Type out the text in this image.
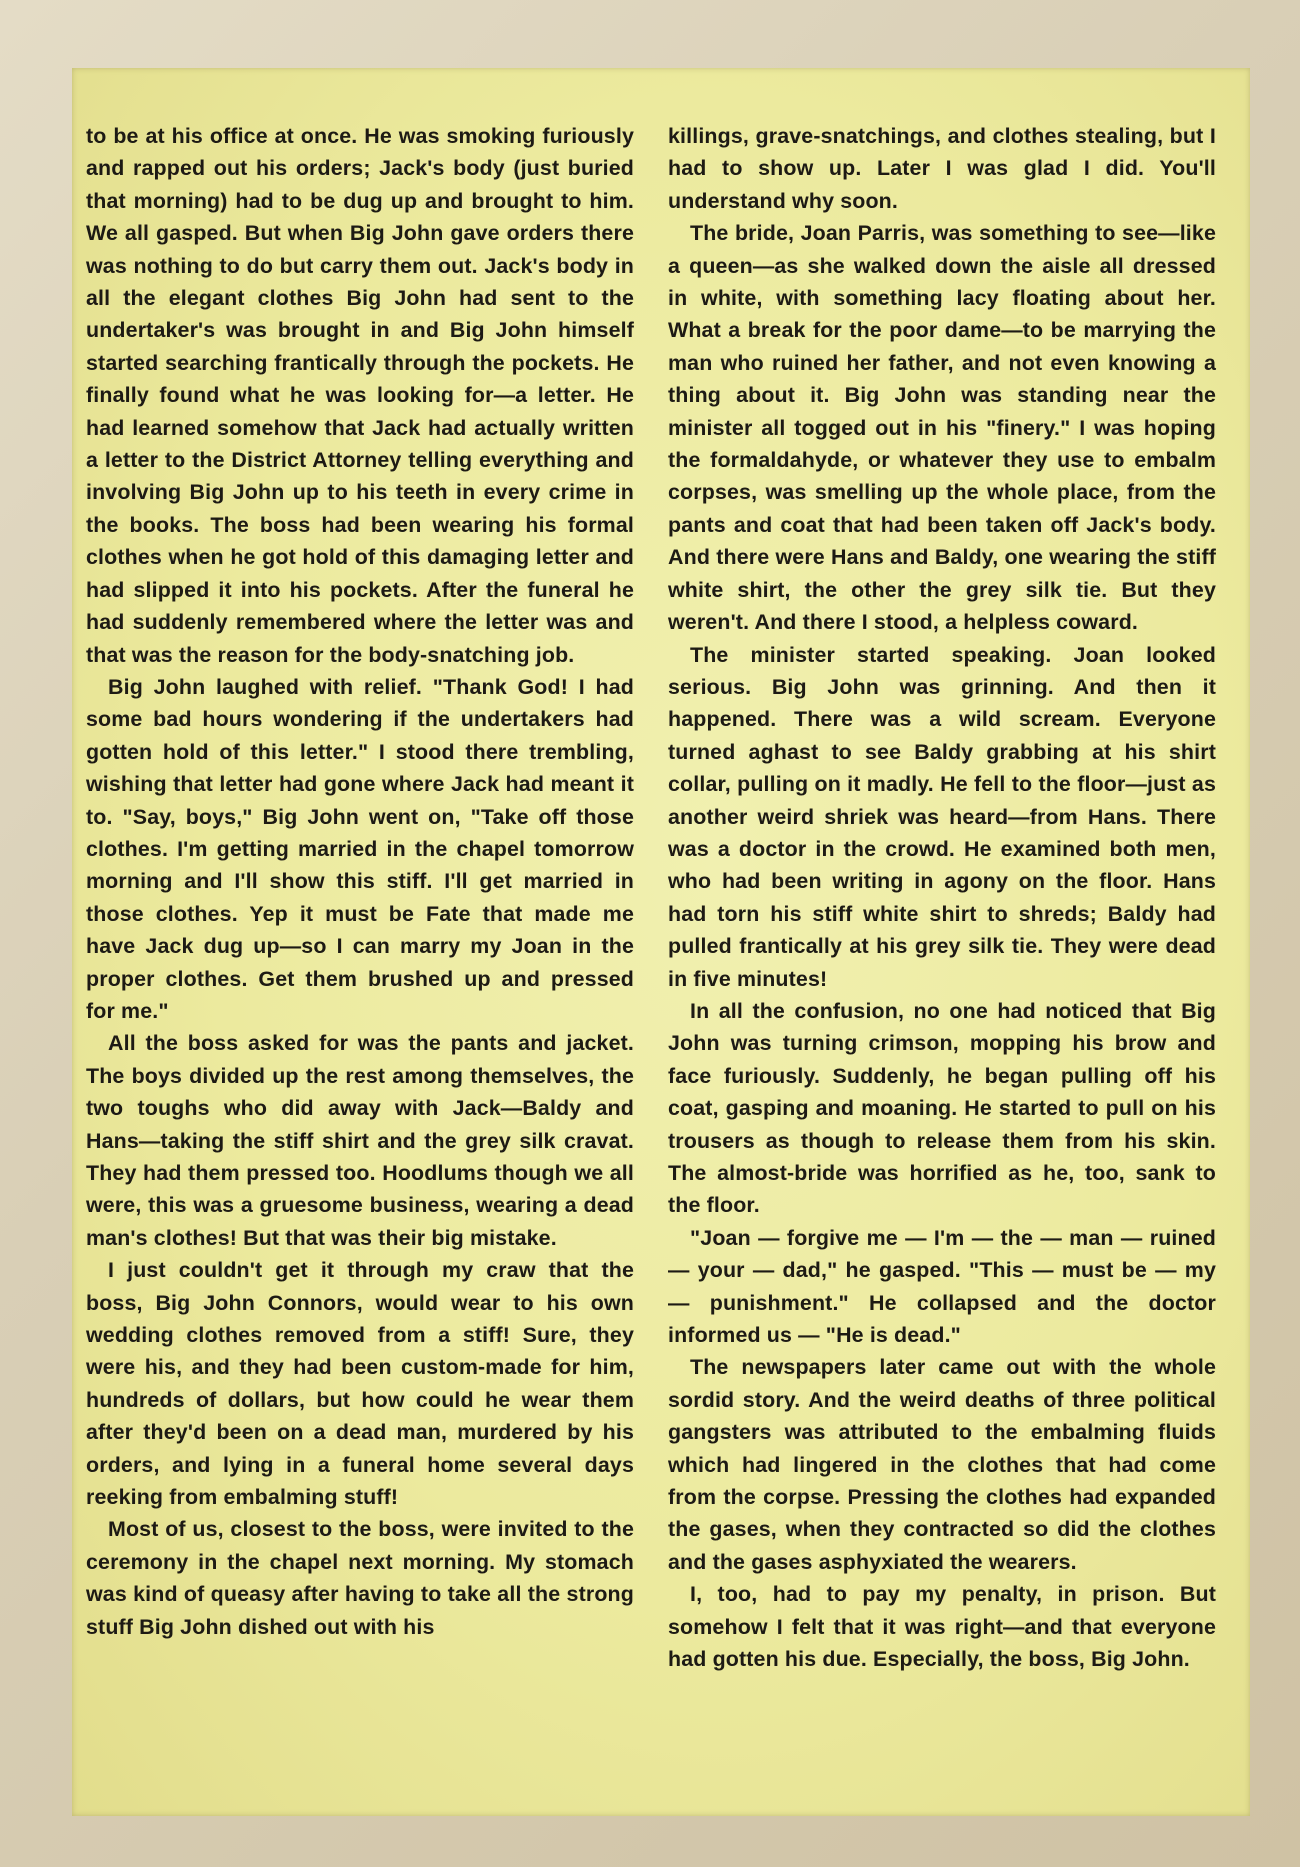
to be at his office at once. He was smoking furiously and rapped out his orders; Jack's body (just buried that morning) had to be dug up and brought to him. We all gasped. But when Big John gave orders there was nothing to do but carry them out. Jack's body in all the elegant clothes Big John had sent to the undertaker's was brought in and Big John himself started searching frantically through the pockets. He finally found what he was looking for—a letter. He had learned somehow that Jack had actually written a letter to the District Attorney telling everything and involving Big John up to his teeth in every crime in the books. The boss had been wearing his formal clothes when he got hold of this damaging letter and had slipped it into his pockets. After the funeral he had suddenly remembered where the letter was and that was the reason for the body-snatching job.

Big John laughed with relief. "Thank God! I had some bad hours wondering if the undertakers had gotten hold of this letter." I stood there trembling, wishing that letter had gone where Jack had meant it to. "Say, boys," Big John went on, "Take off those clothes. I'm getting married in the chapel tomorrow morning and I'll show this stiff. I'll get married in those clothes. Yep it must be Fate that made me have Jack dug up—so I can marry my Joan in the proper clothes. Get them brushed up and pressed for me."

All the boss asked for was the pants and jacket. The boys divided up the rest among themselves, the two toughs who did away with Jack—Baldy and Hans—taking the stiff shirt and the grey silk cravat. They had them pressed too. Hoodlums though we all were, this was a gruesome business, wearing a dead man's clothes! But that was their big mistake.

I just couldn't get it through my craw that the boss, Big John Connors, would wear to his own wedding clothes removed from a stiff! Sure, they were his, and they had been custom-made for him, hundreds of dollars, but how could he wear them after they'd been on a dead man, murdered by his orders, and lying in a funeral home several days reeking from embalming stuff!

Most of us, closest to the boss, were invited to the ceremony in the chapel next morning. My stomach was kind of queasy after having to take all the strong stuff Big John dished out with his

killings, grave-snatchings, and clothes stealing, but I had to show up. Later I was glad I did. You'll understand why soon.

The bride, Joan Parris, was something to see—like a queen—as she walked down the aisle all dressed in white, with something lacy floating about her. What a break for the poor dame—to be marrying the man who ruined her father, and not even knowing a thing about it. Big John was standing near the minister all togged out in his "finery." I was hoping the formaldahyde, or whatever they use to embalm corpses, was smelling up the whole place, from the pants and coat that had been taken off Jack's body. And there were Hans and Baldy, one wearing the stiff white shirt, the other the grey silk tie. But they weren't. And there I stood, a helpless coward.

The minister started speaking. Joan looked serious. Big John was grinning. And then it happened. There was a wild scream. Everyone turned aghast to see Baldy grabbing at his shirt collar, pulling on it madly. He fell to the floor—just as another weird shriek was heard—from Hans. There was a doctor in the crowd. He examined both men, who had been writing in agony on the floor. Hans had torn his stiff white shirt to shreds; Baldy had pulled frantically at his grey silk tie. They were dead in five minutes!

In all the confusion, no one had noticed that Big John was turning crimson, mopping his brow and face furiously. Suddenly, he began pulling off his coat, gasping and moaning. He started to pull on his trousers as though to release them from his skin. The almost-bride was horrified as he, too, sank to the floor.

"Joan — forgive me — I'm — the — man — ruined — your — dad," he gasped. "This — must be — my — punishment." He collapsed and the doctor informed us — "He is dead."

The newspapers later came out with the whole sordid story. And the weird deaths of three political gangsters was attributed to the embalming fluids which had lingered in the clothes that had come from the corpse. Pressing the clothes had expanded the gases, when they contracted so did the clothes and the gases asphyxiated the wearers.

I, too, had to pay my penalty, in prison. But somehow I felt that it was right—and that everyone had gotten his due. Especially, the boss, Big John.
